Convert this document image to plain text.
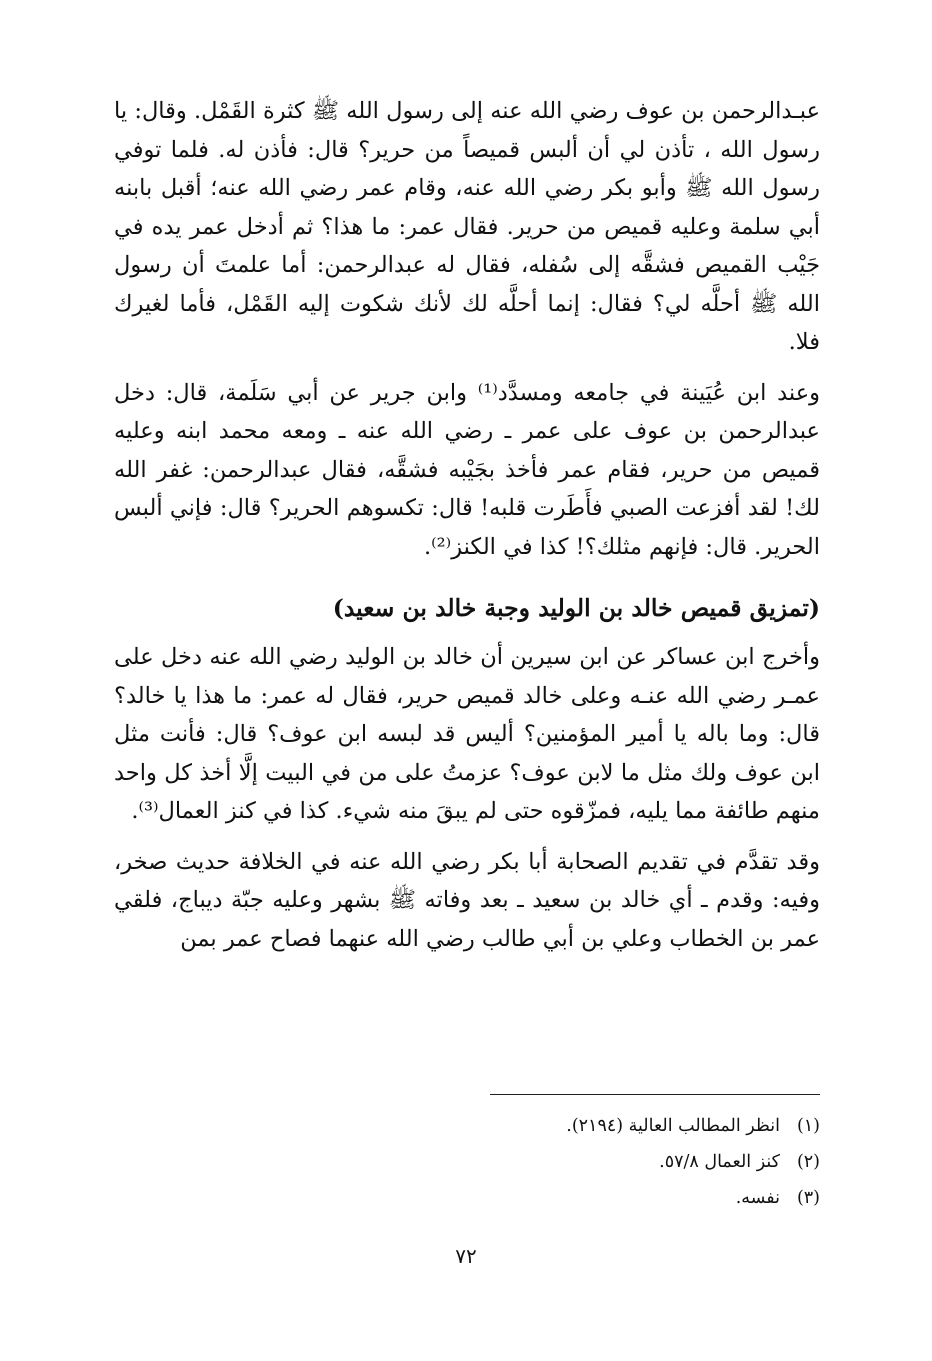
عبـدالرحمن بن عوف رضي الله عنه إلى رسول الله ﷺ كثرة القَمْل. وقال: يا رسول الله ، تأذن لي أن ألبس قميصاً من حرير؟ قال: فأذن له. فلما توفي رسول الله ﷺ وأبو بكر رضي الله عنه، وقام عمر رضي الله عنه؛ أقبل بابنه أبي سلمة وعليه قميص من حرير. فقال عمر: ما هذا؟ ثم أدخل عمر يده في جَيْب القميص فشقَّه إلى سُفله، فقال له عبدالرحمن: أما علمتَ أن رسول الله ﷺ أحلَّه لي؟ فقال: إنما أحلَّه لك لأنك شكوت إليه القَمْل، فأما لغيرك فلا.

وعند ابن عُيَينة في جامعه ومسدَّد⁽¹⁾ وابن جرير عن أبي سَلَمة، قال: دخل عبدالرحمن بن عوف على عمر ـ رضي الله عنه ـ ومعه محمد ابنه وعليه قميص من حرير، فقام عمر فأخذ بجَيْبه فشقَّه، فقال عبدالرحمن: غفر الله لك! لقد أفزعت الصبي فأَطَرت قلبه! قال: تكسوهم الحرير؟ قال: فإني ألبس الحرير. قال: فإنهم مثلك؟! كذا في الكنز⁽²⁾.

(تمزيق قميص خالد بن الوليد وجبة خالد بن سعيد)

وأخرج ابن عساكر عن ابن سيرين أن خالد بن الوليد رضي الله عنه دخل على عمـر رضي الله عنـه وعلى خالد قميص حرير، فقال له عمر: ما هذا يا خالد؟ قال: وما باله يا أمير المؤمنين؟ أليس قد لبسه ابن عوف؟ قال: فأنت مثل ابن عوف ولك مثل ما لابن عوف؟ عزمتُ على من في البيت إلَّا أخذ كل واحد منهم طائفة مما يليه، فمزّقوه حتى لم يبقَ منه شيء. كذا في كنز العمال⁽³⁾.

وقد تقدَّم في تقديم الصحابة أبا بكر رضي الله عنه في الخلافة حديث صخر، وفيه: وقدم ـ أي خالد بن سعيد ـ بعد وفاته ﷺ بشهر وعليه جبّة ديباج، فلقي عمر بن الخطاب وعلي بن أبي طالب رضي الله عنهما فصاح عمر بمن

(١)
انظر المطالب العالية (٢١٩٤).
(٢)
كنز العمال ٥٧/٨.
(٣)
نفسه.
٧٢
